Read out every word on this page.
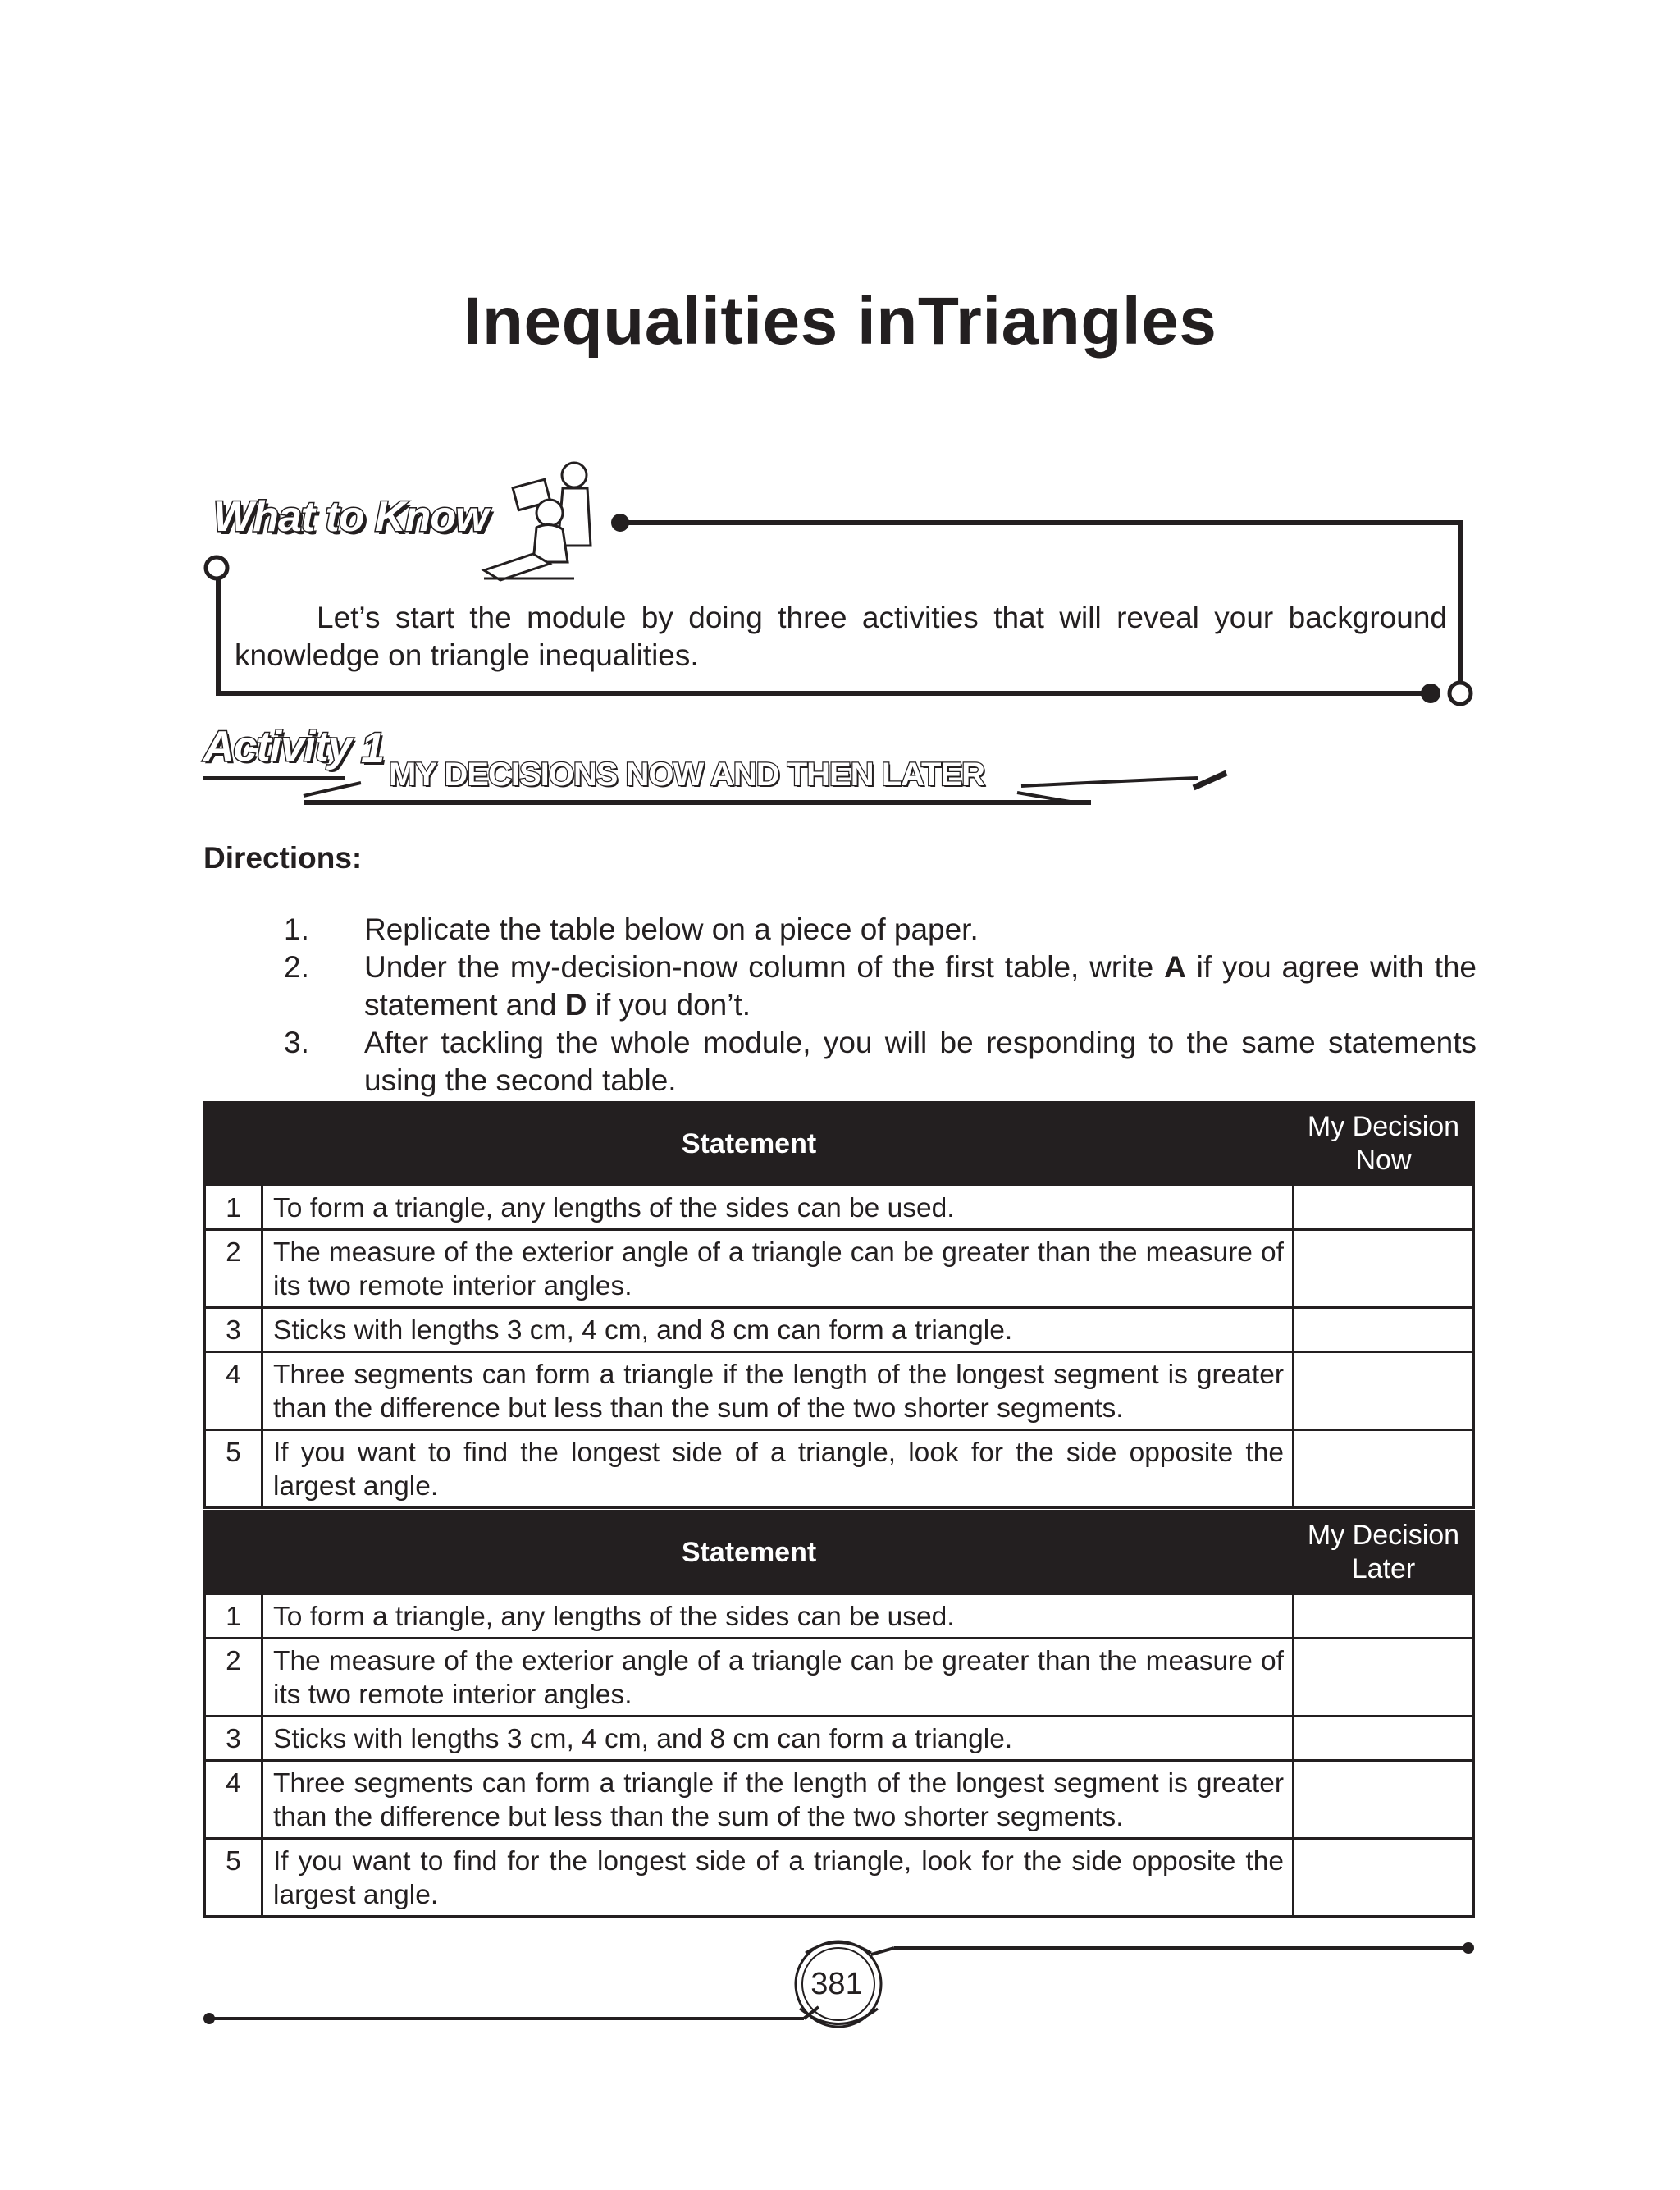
Inequalities inTriangles
What to Know
Let’s start the module by doing three activities that will reveal your background knowledge on triangle inequalities.
Activity 1
MY DECISIONS NOW AND THEN LATER
Directions:
1.	Replicate the table below on a piece of paper.
2.	Under the my-decision-now column of the first table, write A if you agree with the statement and D if you don’t.
3.	After tackling the whole module, you will be responding to the same statements using the second table.
Statement		My Decision Now
1	To form a triangle, any lengths of the sides can be used.	
2	The measure of the exterior angle of a triangle can be greater than the measure of its two remote interior angles.	
3	Sticks with lengths 3 cm, 4 cm, and 8 cm can form a triangle.	
4	Three segments can form a triangle if the length of the longest segment is greater than the difference but less than the sum of the two shorter segments.	
5	If you want to find the longest side of a triangle, look for the side opposite the largest angle.	
Statement		My Decision Later
1	To form a triangle, any lengths of the sides can be used.	
2	The measure of the exterior angle of a triangle can be greater than the measure of its two remote interior angles.	
3	Sticks with lengths 3 cm, 4 cm, and 8 cm can form a triangle.	
4	Three segments can form a triangle if the length of the longest segment is greater than the difference but less than the sum of the two shorter segments.	
5	If you want to find for the longest side of a triangle, look for the side opposite the largest angle.	
381
